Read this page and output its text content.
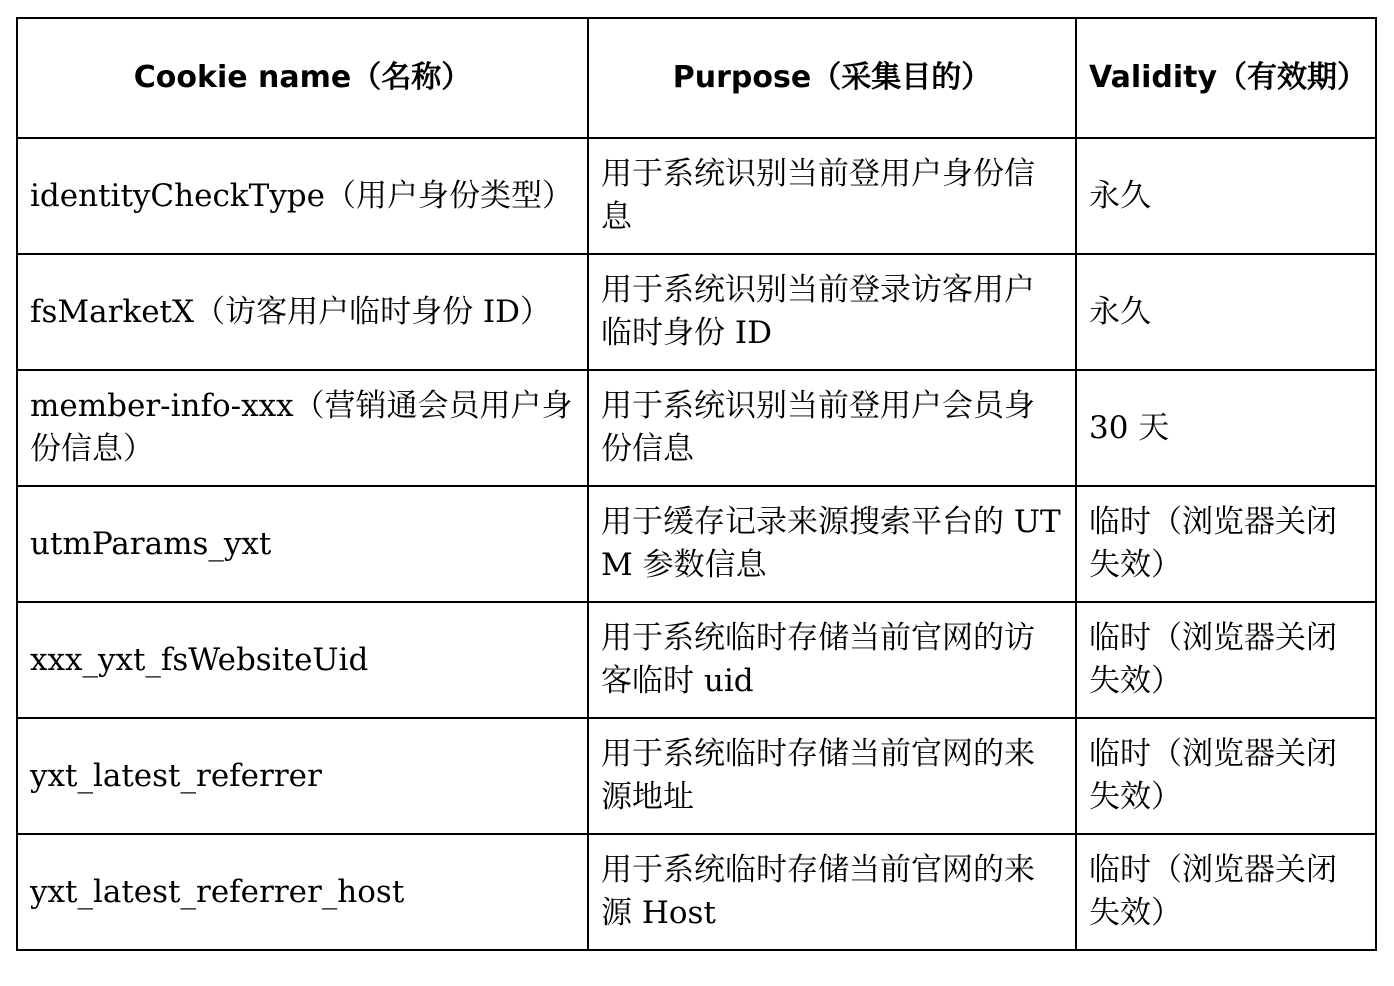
Cookie name（名称）	Purpose（采集目的）	Validity（有效期）
identityCheckType（用户身份类型）	用于系统识别当前登用户身份信息	永久
fsMarketX（访客用户临时身份 ID）	用于系统识别当前登录访客用户临时身份 ID	永久
member-info-xxx（营销通会员用户身份信息）	用于系统识别当前登用户会员身份信息	30 天
utmParams_yxt	用于缓存记录来源搜索平台的 UTM 参数信息	临时（浏览器关闭失效）
xxx_yxt_fsWebsiteUid	用于系统临时存储当前官网的访客临时 uid	临时（浏览器关闭失效）
yxt_latest_referrer	用于系统临时存储当前官网的来源地址	临时（浏览器关闭失效）
yxt_latest_referrer_host	用于系统临时存储当前官网的来源 Host	临时（浏览器关闭失效）
